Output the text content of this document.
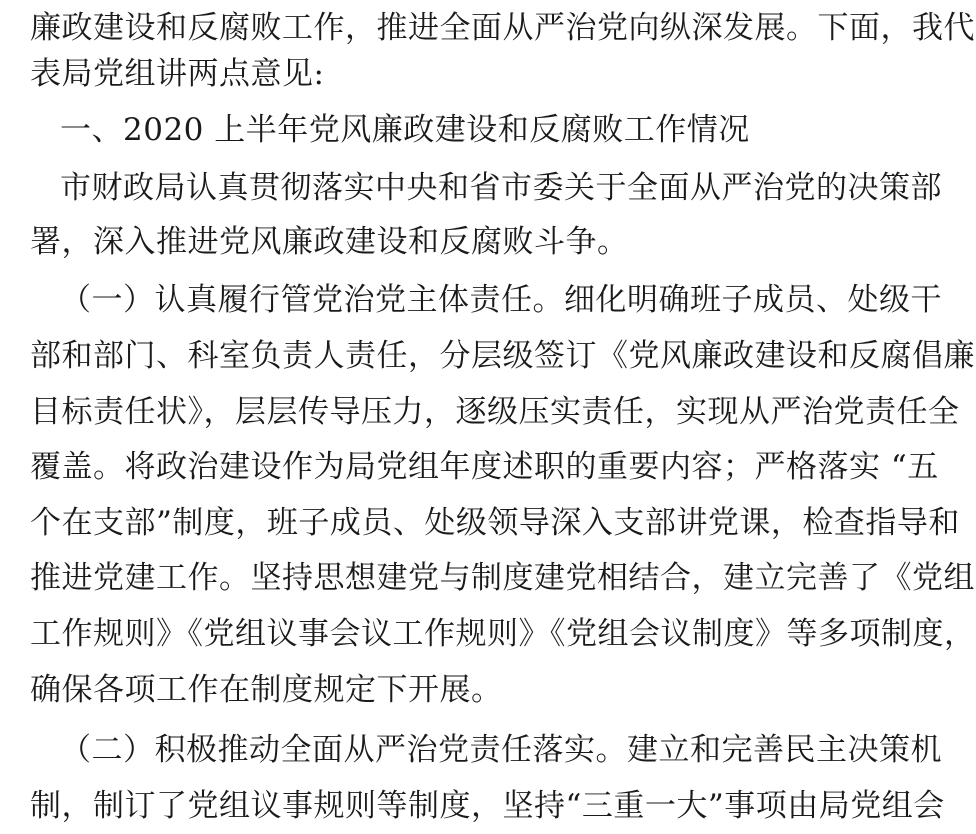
廉政建设和反腐败工作，推进全面从严治党向纵深发展。下面，我代
表局党组讲两点意见:
一、2020 上半年党风廉政建设和反腐败工作情况
市财政局认真贯彻落实中央和省市委关于全面从严治党的决策部
署，深入推进党风廉政建设和反腐败斗争。
（一）认真履行管党治党主体责任。细化明确班子成员、处级干
部和部门、科室负责人责任，分层级签订《党风廉政建设和反腐倡廉
目标责任状》，层层传导压力，逐级压实责任，实现从严治党责任全
覆盖。将政治建设作为局党组年度述职的重要内容；严格落实 “五
个在支部”制度，班子成员、处级领导深入支部讲党课，检查指导和
推进党建工作。坚持思想建党与制度建党相结合，建立完善了《党组
工作规则》《党组议事会议工作规则》《党组会议制度》等多项制度，
确保各项工作在制度规定下开展。
（二）积极推动全面从严治党责任落实。建立和完善民主决策机
制，制订了党组议事规则等制度，坚持“三重一大”事项由局党组会
